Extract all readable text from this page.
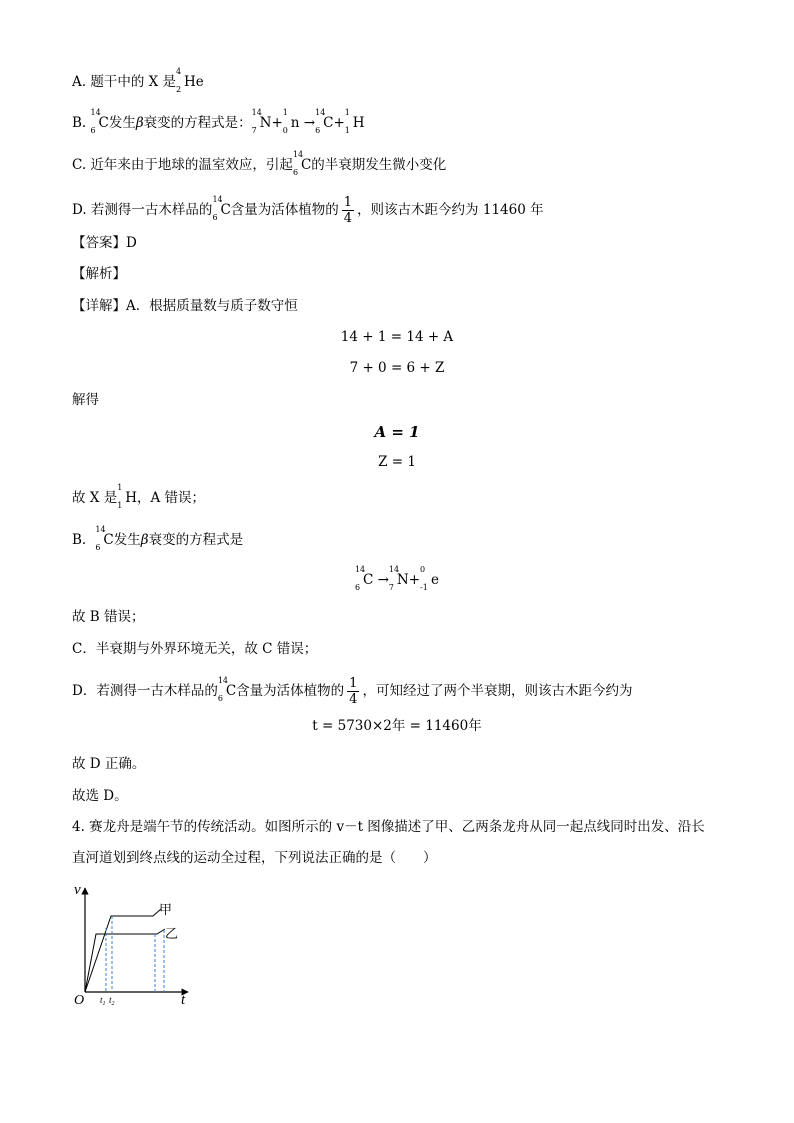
A. 题干中的 X 是
4
2 He
B.
14
6 C发生β衰变的方程式是：
14
7 N+
1
0 n →
14
6 C+
1
1 H
C. 近年来由于地球的温室效应，引起
14
6 C的半衰期发生微小变化
D. 若测得一古木样品的
14
6 C含量为活体植物的 $\frac{1}{4}$ ，则该古木距今约为 11460 年
【答案】D
【解析】
【详解】A．根据质量数与质子数守恒
14 + 1 = 14 + A
7 + 0 = 6 + Z
解得
A = 1
Z = 1
故 X 是
1
1 H，A 错误；
B．
14
6 C发生β衰变的方程式是
14
6 C →
14
7 N+
0
-1 e
故 B 错误；
C．半衰期与外界环境无关，故 C 错误；
D．若测得一古木样品的
14
6 C含量为活体植物的 $\frac{1}{4}$ ，可知经过了两个半衰期，则该古木距今约为
t = 5730×2年 = 11460年
故 D 正确。
故选 D。
4. 赛龙舟是端午节的传统活动。如图所示的 v－t 图像描述了甲、乙两条龙舟从同一起点线同时出发、沿长
直河道划到终点线的运动全过程，下列说法正确的是（　　）
v
t
O $t_1$ $t_2$
甲
乙
